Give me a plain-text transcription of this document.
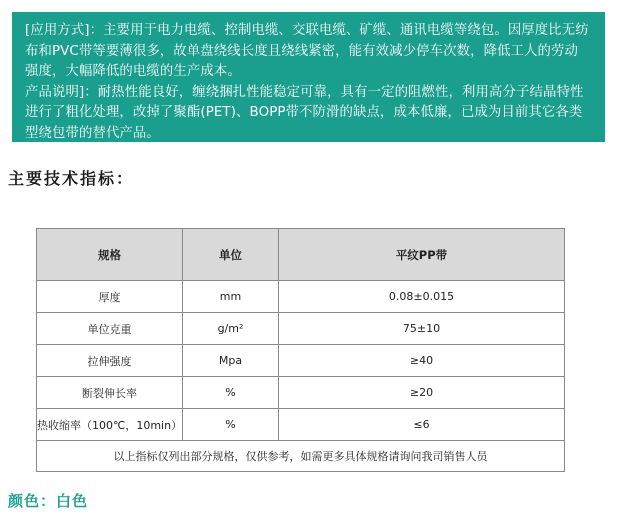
[应用方式]：主要用于电力电缆、控制电缆、交联电缆、矿缆、通讯电缆等绕包。因厚度比无纺布和PVC带等要薄很多，故单盘绕线长度且绕线紧密，能有效减少停车次数，降低工人的劳动强度，大幅降低的电缆的生产成本。

产品说明]：耐热性能良好，缠绕捆扎性能稳定可靠，具有一定的阻燃性，利用高分子结晶特性进行了粗化处理，改掉了聚酯(PET)、BOPP带不防滑的缺点，成本低廉，已成为目前其它各类型绕包带的替代产品。

主要技术指标：
规格	单位	平纹PP带
厚度	mm	0.08±0.015
单位克重	g/m²	75±10
拉伸强度	Mpa	≥40
断裂伸长率	%	≥20
热收缩率（100℃，10min）	%	≤6
以上指标仅列出部分规格，仅供参考，如需更多具体规格请询问我司销售人员		
颜色：白色
